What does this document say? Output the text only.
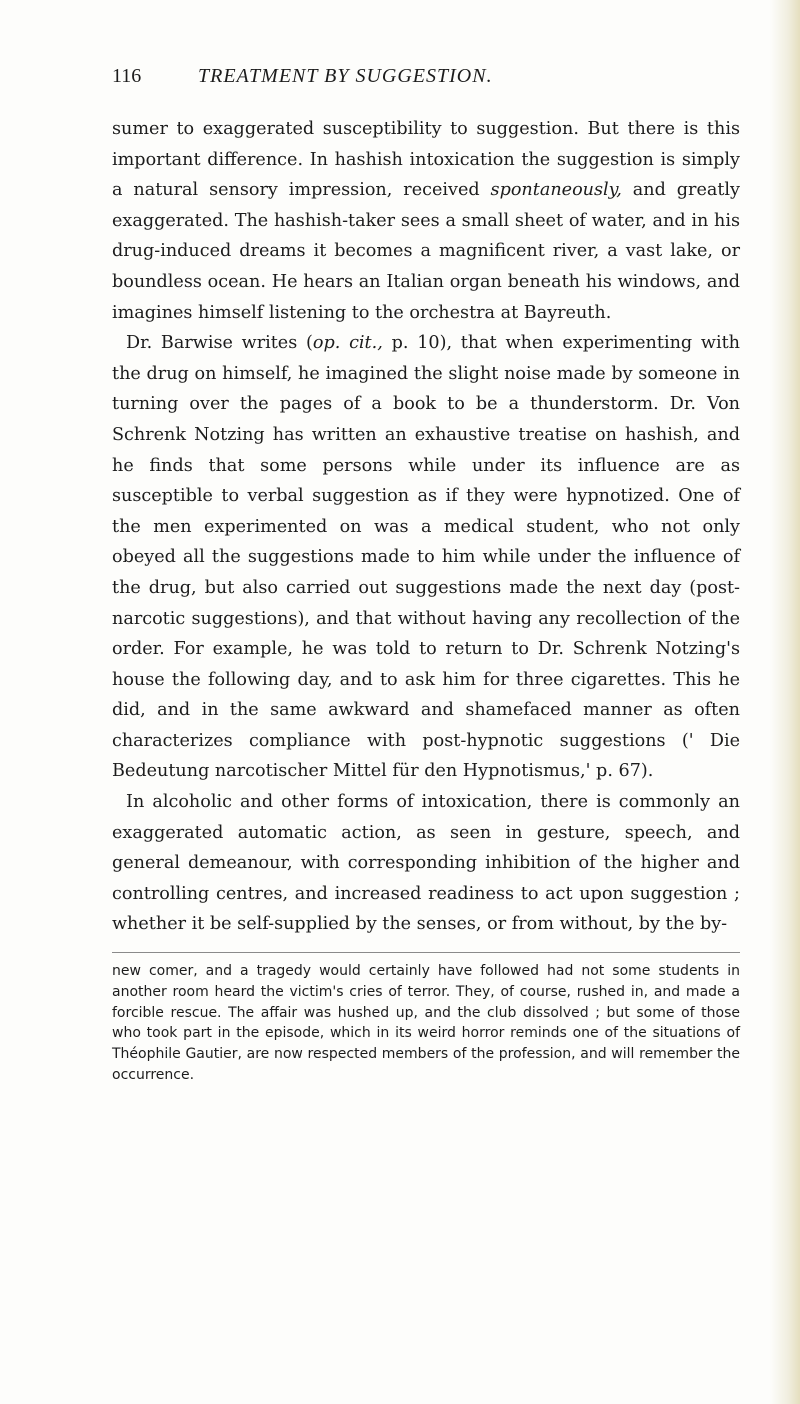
116	TREATMENT BY SUGGESTION.

sumer to exaggerated susceptibility to suggestion. But there is this important difference. In hashish intoxication the suggestion is simply a natural sensory impression, received spontaneously, and greatly exaggerated. The hashish-taker sees a small sheet of water, and in his drug-induced dreams it becomes a magnificent river, a vast lake, or boundless ocean. He hears an Italian organ beneath his windows, and imagines himself listening to the orchestra at Bayreuth.

Dr. Barwise writes (op. cit., p. 10), that when experimenting with the drug on himself, he imagined the slight noise made by someone in turning over the pages of a book to be a thunderstorm. Dr. Von Schrenk Notzing has written an exhaustive treatise on hashish, and he finds that some persons while under its influence are as susceptible to verbal suggestion as if they were hypnotized. One of the men experimented on was a medical student, who not only obeyed all the suggestions made to him while under the influence of the drug, but also carried out suggestions made the next day (post-narcotic suggestions), and that without having any recollection of the order. For example, he was told to return to Dr. Schrenk Notzing's house the following day, and to ask him for three cigarettes. This he did, and in the same awkward and shamefaced manner as often characterizes compliance with post-hypnotic suggestions (' Die Bedeutung narcotischer Mittel für den Hypnotismus,' p. 67).

In alcoholic and other forms of intoxication, there is commonly an exaggerated automatic action, as seen in gesture, speech, and general demeanour, with corresponding inhibition of the higher and controlling centres, and increased readiness to act upon suggestion ; whether it be self-supplied by the senses, or from without, by the by-

new comer, and a tragedy would certainly have followed had not some students in another room heard the victim's cries of terror. They, of course, rushed in, and made a forcible rescue. The affair was hushed up, and the club dissolved ; but some of those who took part in the episode, which in its weird horror reminds one of the situations of Théophile Gautier, are now respected members of the profession, and will remember the occurrence.
